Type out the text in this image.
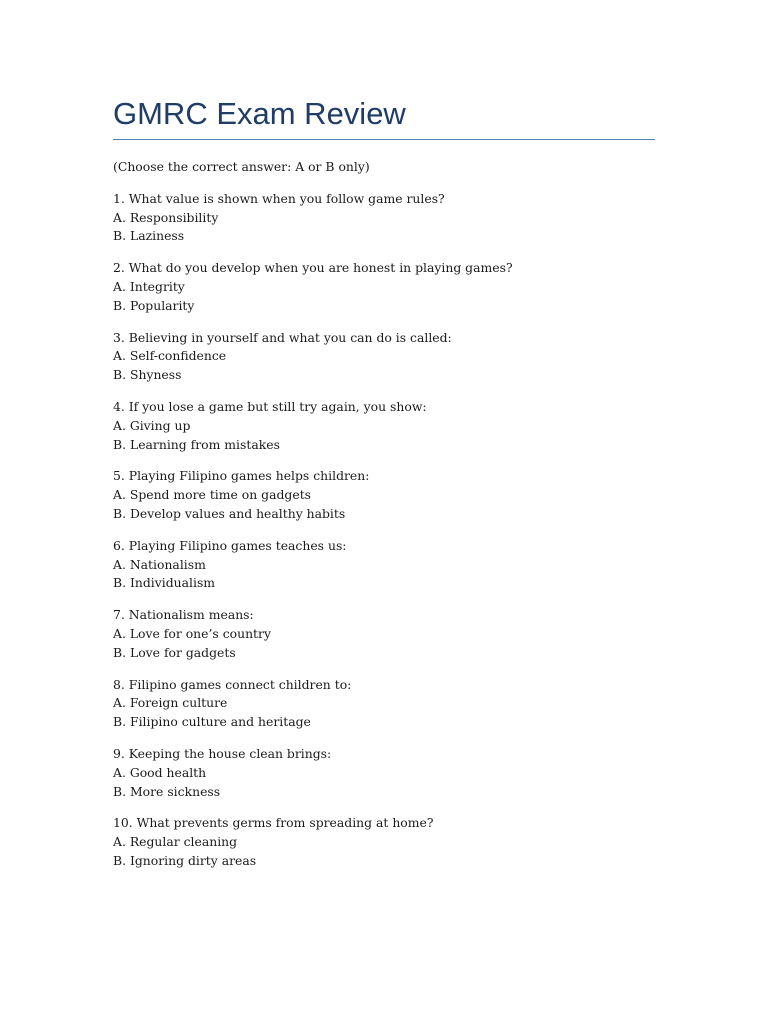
GMRC Exam Review
(Choose the correct answer: A or B only)
1. What value is shown when you follow game rules?
A. Responsibility
B. Laziness
2. What do you develop when you are honest in playing games?
A. Integrity
B. Popularity
3. Believing in yourself and what you can do is called:
A. Self-confidence
B. Shyness
4. If you lose a game but still try again, you show:
A. Giving up
B. Learning from mistakes
5. Playing Filipino games helps children:
A. Spend more time on gadgets
B. Develop values and healthy habits
6. Playing Filipino games teaches us:
A. Nationalism
B. Individualism
7. Nationalism means:
A. Love for one’s country
B. Love for gadgets
8. Filipino games connect children to:
A. Foreign culture
B. Filipino culture and heritage
9. Keeping the house clean brings:
A. Good health
B. More sickness
10. What prevents germs from spreading at home?
A. Regular cleaning
B. Ignoring dirty areas
